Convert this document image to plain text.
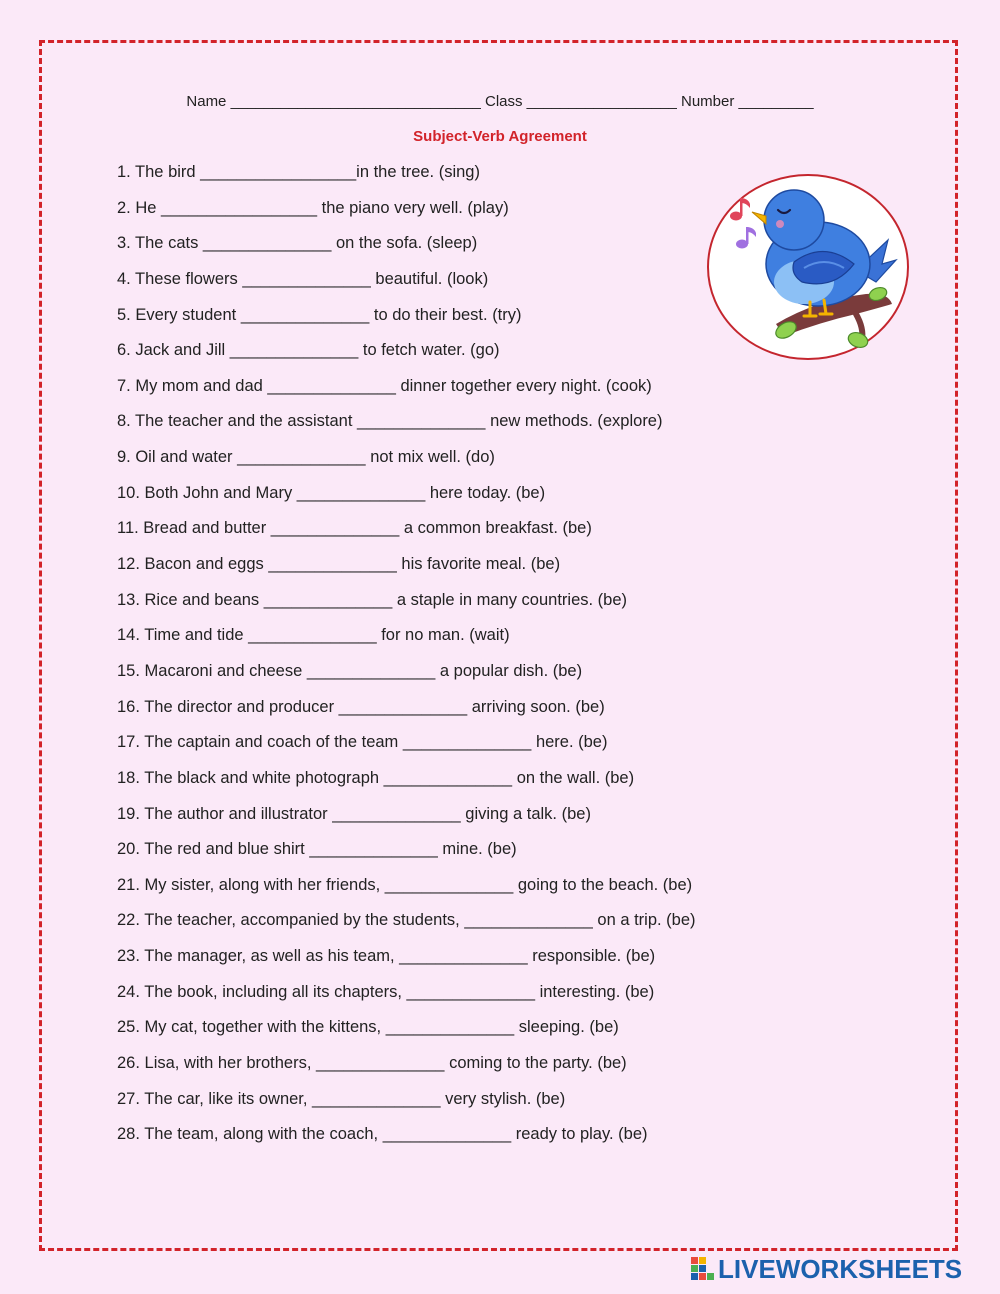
Name ______________________________ Class __________________ Number _________
Subject-Verb Agreement
1. The bird _________________in the tree. (sing)
2. He _________________ the piano very well. (play)
3. The cats ______________ on the sofa. (sleep)
4. These flowers ______________ beautiful. (look)
5. Every student ______________ to do their best. (try)
6. Jack and Jill ______________ to fetch water. (go)
7. My mom and dad ______________ dinner together every night. (cook)
8. The teacher and the assistant ______________ new methods. (explore)
9. Oil and water ______________ not mix well. (do)
10. Both John and Mary ______________ here today. (be)
11. Bread and butter ______________ a common breakfast. (be)
12. Bacon and eggs ______________ his favorite meal. (be)
13. Rice and beans ______________ a staple in many countries. (be)
14. Time and tide ______________ for no man. (wait)
15. Macaroni and cheese ______________ a popular dish. (be)
16. The director and producer ______________ arriving soon. (be)
17. The captain and coach of the team ______________ here. (be)
18. The black and white photograph ______________ on the wall. (be)
19. The author and illustrator ______________ giving a talk. (be)
20. The red and blue shirt ______________ mine. (be)
21. My sister, along with her friends, ______________ going to the beach. (be)
22. The teacher, accompanied by the students, ______________ on a trip. (be)
23. The manager, as well as his team, ______________ responsible. (be)
24. The book, including all its chapters, ______________ interesting. (be)
25. My cat, together with the kittens, ______________ sleeping. (be)
26. Lisa, with her brothers, ______________ coming to the party. (be)
27. The car, like its owner, ______________ very stylish. (be)
28. The team, along with the coach, ______________ ready to play. (be)
LIVEWORKSHEETS
